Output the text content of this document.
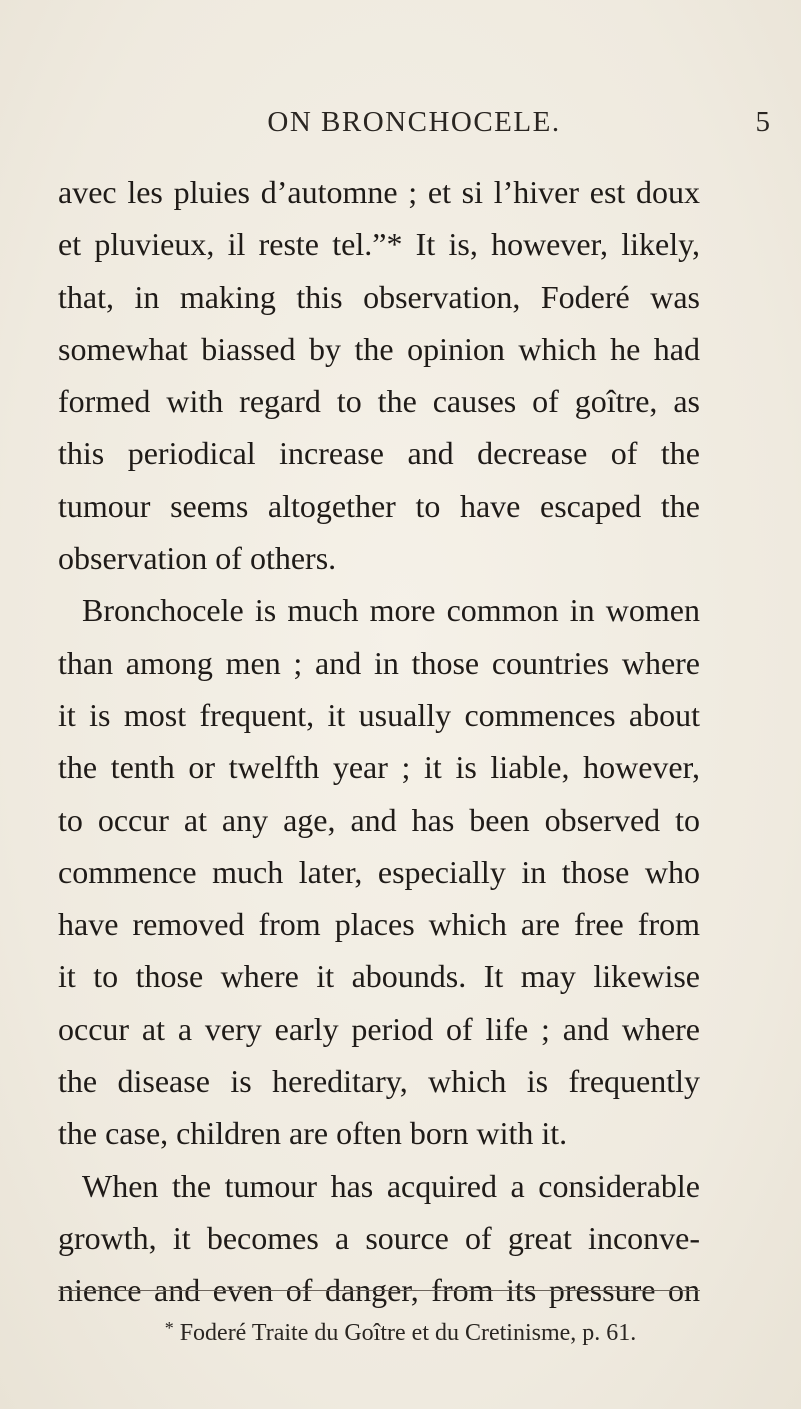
ON BRONCHOCELE.	5
avec les pluies d’automne ; et si l’hiver est doux
et pluvieux, il reste tel.”* It is, however, likely,
that, in making this observation, Foderé was
somewhat biassed by the opinion which he had
formed with regard to the causes of goître, as
this periodical increase and decrease of the
tumour seems altogether to have escaped the
observation of others.
Bronchocele is much more common in women
than among men ; and in those countries where
it is most frequent, it usually commences about
the tenth or twelfth year ; it is liable, however,
to occur at any age, and has been observed to
commence much later, especially in those who
have removed from places which are free from
it to those where it abounds. It may likewise
occur at a very early period of life ; and where
the disease is hereditary, which is frequently
the case, children are often born with it.
When the tumour has acquired a considerable
growth, it becomes a source of great inconve-
nience and even of danger, from its pressure on
* Foderé Traite du Goître et du Cretinisme, p. 61.
